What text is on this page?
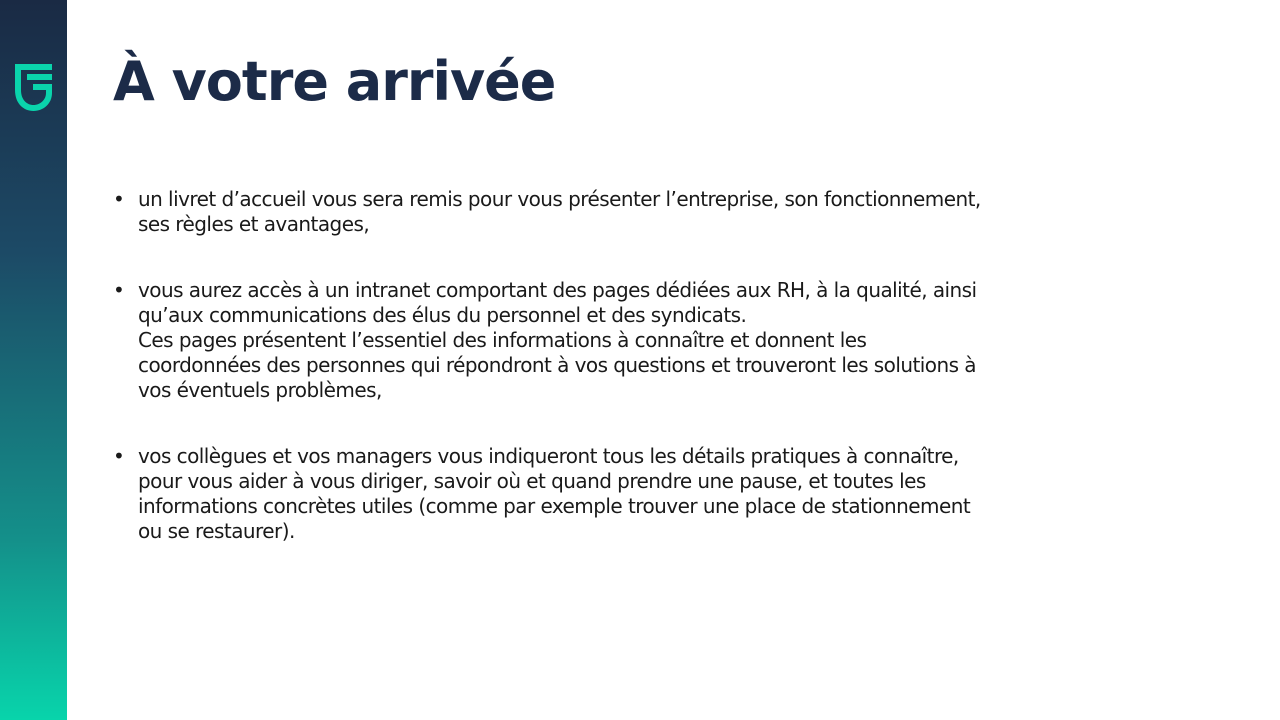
À votre arrivée
• un livret d’accueil vous sera remis pour vous présenter l’entreprise, son fonctionnement,
ses règles et avantages,
• vous aurez accès à un intranet comportant des pages dédiées aux RH, à la qualité, ainsi
qu’aux communications des élus du personnel et des syndicats.
Ces pages présentent l’essentiel des informations à connaître et donnent les
coordonnées des personnes qui répondront à vos questions et trouveront les solutions à
vos éventuels problèmes,
• vos collègues et vos managers vous indiqueront tous les détails pratiques à connaître,
pour vous aider à vous diriger, savoir où et quand prendre une pause, et toutes les
informations concrètes utiles (comme par exemple trouver une place de stationnement
ou se restaurer).
